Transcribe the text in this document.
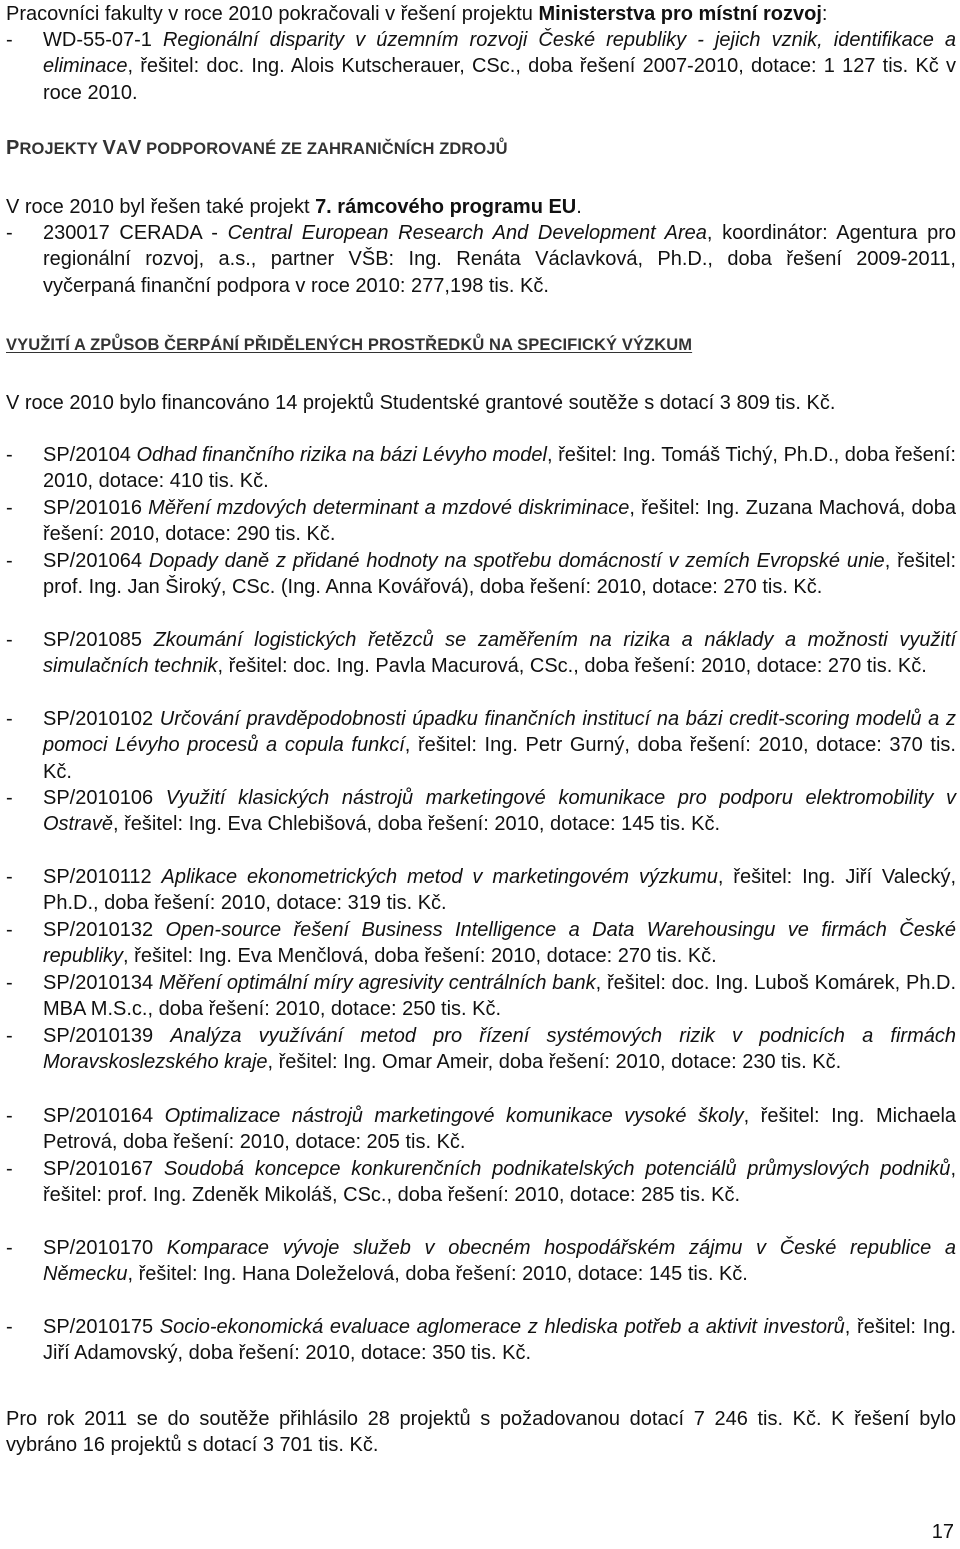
Pracovníci fakulty v roce 2010 pokračovali v řešení projektu Ministerstva pro místní rozvoj:
- WD-55-07-1 Regionální disparity v územním rozvoji České republiky - jejich vznik, identifikace a eliminace, řešitel: doc. Ing. Alois Kutscherauer, CSc., doba řešení 2007-2010, dotace: 1 127 tis. Kč v roce 2010.
PROJEKTY VAV PODPOROVANÉ ZE ZAHRANIČNÍCH ZDROJŮ
V roce 2010 byl řešen také projekt 7. rámcového programu EU.
- 230017 CERADA - Central European Research And Development Area, koordinátor: Agentura pro regionální rozvoj, a.s., partner VŠB: Ing. Renáta Václavková, Ph.D., doba řešení 2009-2011, vyčerpaná finanční podpora v roce 2010: 277,198 tis. Kč.
VYUŽITÍ A ZPŮSOB ČERPÁNÍ PŘIDĚLENÝCH PROSTŘEDKŮ NA SPECIFICKÝ VÝZKUM
V roce 2010 bylo financováno 14 projektů Studentské grantové soutěže s dotací 3 809 tis. Kč.
- SP/20104 Odhad finančního rizika na bázi Lévyho model, řešitel: Ing. Tomáš Tichý, Ph.D., doba řešení: 2010, dotace: 410 tis. Kč.
- SP/201016 Měření mzdových determinant a mzdové diskriminace, řešitel: Ing. Zuzana Machová, doba řešení: 2010, dotace: 290 tis. Kč.
- SP/201064 Dopady daně z přidané hodnoty na spotřebu domácností v zemích Evropské unie, řešitel: prof. Ing. Jan Široký, CSc. (Ing. Anna Kovářová), doba řešení: 2010, dotace: 270 tis. Kč.
- SP/201085 Zkoumání logistických řetězců se zaměřením na rizika a náklady a možnosti využití simulačních technik, řešitel: doc. Ing. Pavla Macurová, CSc., doba řešení: 2010, dotace: 270 tis. Kč.
- SP/2010102 Určování pravděpodobnosti úpadku finančních institucí na bázi credit-scoring modelů a z pomoci Lévyho procesů a copula funkcí, řešitel: Ing. Petr Gurný, doba řešení: 2010, dotace: 370 tis. Kč.
- SP/2010106 Využití klasických nástrojů marketingové komunikace pro podporu elektromobility v Ostravě, řešitel: Ing. Eva Chlebišová, doba řešení: 2010, dotace: 145 tis. Kč.
- SP/2010112 Aplikace ekonometrických metod v marketingovém výzkumu, řešitel: Ing. Jiří Valecký, Ph.D., doba řešení: 2010, dotace: 319 tis. Kč.
- SP/2010132 Open-source řešení Business Intelligence a Data Warehousingu ve firmách České republiky, řešitel: Ing. Eva Menčlová, doba řešení: 2010, dotace: 270 tis. Kč.
- SP/2010134 Měření optimální míry agresivity centrálních bank, řešitel: doc. Ing. Luboš Komárek, Ph.D. MBA M.S.c., doba řešení: 2010, dotace: 250 tis. Kč.
- SP/2010139 Analýza využívání metod pro řízení systémových rizik v podnicích a firmách Moravskoslezského kraje, řešitel: Ing. Omar Ameir, doba řešení: 2010, dotace: 230 tis. Kč.
- SP/2010164 Optimalizace nástrojů marketingové komunikace vysoké školy, řešitel: Ing. Michaela Petrová, doba řešení: 2010, dotace: 205 tis. Kč.
- SP/2010167 Soudobá koncepce konkurenčních podnikatelských potenciálů průmyslových podniků, řešitel: prof. Ing. Zdeněk Mikoláš, CSc., doba řešení: 2010, dotace: 285 tis. Kč.
- SP/2010170 Komparace vývoje služeb v obecném hospodářském zájmu v České republice a Německu, řešitel: Ing. Hana Doleželová, doba řešení: 2010, dotace: 145 tis. Kč.
- SP/2010175 Socio-ekonomická evaluace aglomerace z hlediska potřeb a aktivit investorů, řešitel: Ing. Jiří Adamovský, doba řešení: 2010, dotace: 350 tis. Kč.
Pro rok 2011 se do soutěže přihlásilo 28 projektů s požadovanou dotací 7 246 tis. Kč. K řešení bylo vybráno 16 projektů s dotací 3 701 tis. Kč.
17
